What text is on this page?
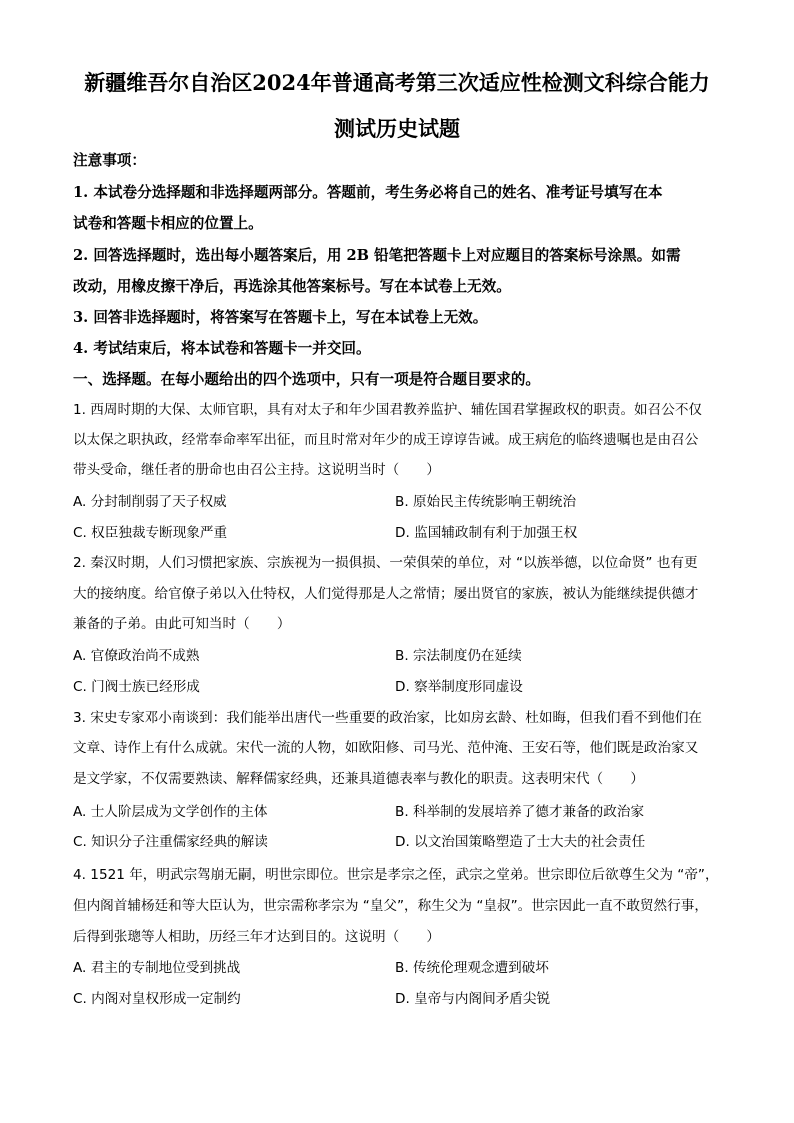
新疆维吾尔自治区2024年普通高考第三次适应性检测文科综合能力
测试历史试题
注意事项：
1. 本试卷分选择题和非选择题两部分。答题前，考生务必将自己的姓名、准考证号填写在本
试卷和答题卡相应的位置上。
2. 回答选择题时，选出每小题答案后，用 2B 铅笔把答题卡上对应题目的答案标号涂黑。如需
改动，用橡皮擦干净后，再选涂其他答案标号。写在本试卷上无效。
3. 回答非选择题时，将答案写在答题卡上，写在本试卷上无效。
4. 考试结束后，将本试卷和答题卡一并交回。
一、选择题。在每小题给出的四个选项中，只有一项是符合题目要求的。
1. 西周时期的大保、太师官职，具有对太子和年少国君教养监护、辅佐国君掌握政权的职责。如召公不仅
以太保之职执政，经常奉命率军出征，而且时常对年少的成王谆谆告诫。成王病危的临终遗嘱也是由召公
带头受命，继任者的册命也由召公主持。这说明当时（　　）
A. 分封制削弱了天子权威	B. 原始民主传统影响王朝统治
C. 权臣独裁专断现象严重	D. 监国辅政制有利于加强王权
2. 秦汉时期，人们习惯把家族、宗族视为一损俱损、一荣俱荣的单位，对 “以族举德，以位命贤” 也有更
大的接纳度。给官僚子弟以入仕特权，人们觉得那是人之常情；屡出贤官的家族，被认为能继续提供德才
兼备的子弟。由此可知当时（　　）
A. 官僚政治尚不成熟	B. 宗法制度仍在延续
C. 门阀士族已经形成	D. 察举制度形同虚设
3. 宋史专家邓小南谈到：我们能举出唐代一些重要的政治家，比如房玄龄、杜如晦，但我们看不到他们在
文章、诗作上有什么成就。宋代一流的人物，如欧阳修、司马光、范仲淹、王安石等，他们既是政治家又
是文学家，不仅需要熟读、解释儒家经典，还兼具道德表率与教化的职责。这表明宋代（　　）
A. 士人阶层成为文学创作的主体	B. 科举制的发展培养了德才兼备的政治家
C. 知识分子注重儒家经典的解读	D. 以文治国策略塑造了士大夫的社会责任
4. 1521 年，明武宗驾崩无嗣，明世宗即位。世宗是孝宗之侄，武宗之堂弟。世宗即位后欲尊生父为 “帝”，
但内阁首辅杨廷和等大臣认为，世宗需称孝宗为 “皇父”，称生父为 “皇叔”。世宗因此一直不敢贸然行事，
后得到张璁等人相助，历经三年才达到目的。这说明（　　）
A. 君主的专制地位受到挑战	B. 传统伦理观念遭到破坏
C. 内阁对皇权形成一定制约	D. 皇帝与内阁间矛盾尖锐
